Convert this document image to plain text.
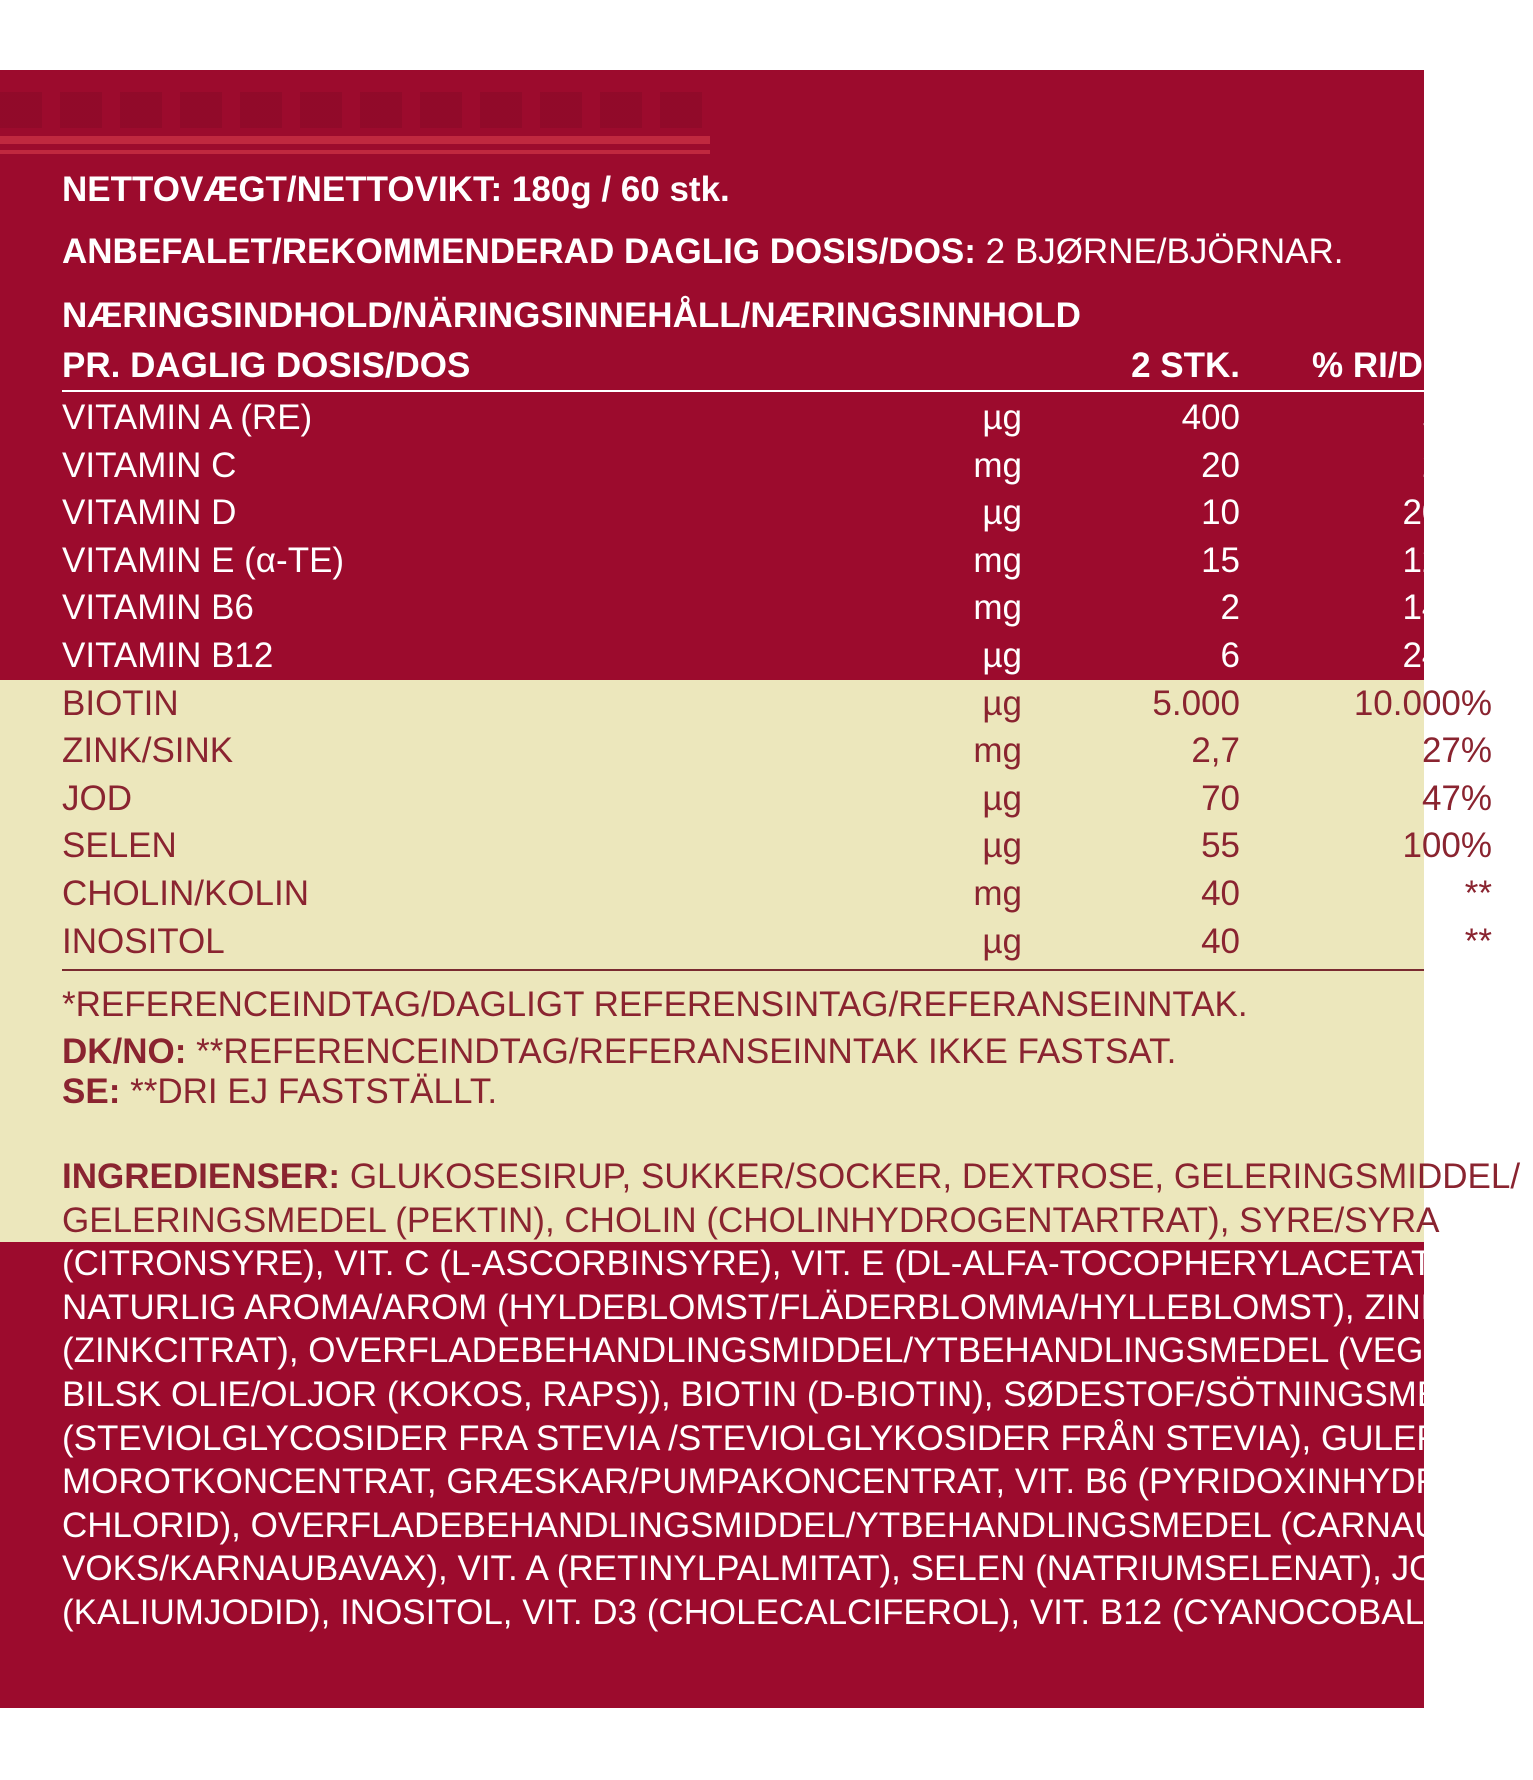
NETTOVÆGT/NETTOVIKT: 180g / 60 stk.
ANBEFALET/REKOMMENDERAD DAGLIG DOSIS/DOS: 2 BJØRNE/BJÖRNAR.
NÆRINGSINDHOLD/NÄRINGSINNEHÅLL/NÆRINGSINNHOLD
PR. DAGLIG DOSIS/DOS	2 STK. % RI/DRI
VITAMIN A (RE)	µg	400	50%
VITAMIN C	mg	20	25%
VITAMIN D	µg	10	200%
VITAMIN E (α-TE)	mg	15	125%
VITAMIN B6	mg	2	143%
VITAMIN B12	µg	6	240%
BIOTIN	µg	5.000	10.000%
ZINK/SINK	mg	2,7	27%
JOD	µg	70	47%
SELEN	µg	55	100%
CHOLIN/KOLIN	mg	40	**
INOSITOL	µg	40	**
*REFERENCEINDTAG/DAGLIGT REFERENSINTAG/REFERANSEINNTAK.
DK/NO: **REFERENCEINDTAG/REFERANSEINNTAK IKKE FASTSAT.
SE: **DRI EJ FASTSTÄLLT.
INGREDIENSER: GLUKOSESIRUP, SUKKER/SOCKER, DEXTROSE, GELERINGSMIDDEL/
GELERINGSMEDEL (PEKTIN), CHOLIN (CHOLINHYDROGENTARTRAT), SYRE/SYRA
(CITRONSYRE), VIT. C (L-ASCORBINSYRE), VIT. E (DL-ALFA-TOCOPHERYLACETAT),
NATURLIG AROMA/AROM (HYLDEBLOMST/FLÄDERBLOMMA/HYLLEBLOMST), ZINK
(ZINKCITRAT), OVERFLADEBEHANDLINGSMIDDEL/YTBEHANDLINGSMEDEL (VEGETA-
BILSK OLIE/OLJOR (KOKOS, RAPS)), BIOTIN (D-BIOTIN), SØDESTOF/SÖTNINGSMEDEL
(STEVIOLGLYCOSIDER FRA STEVIA /STEVIOLGLYKOSIDER FRÅN STEVIA), GULEROD/
MOROTKONCENTRAT, GRÆSKAR/PUMPAKONCENTRAT, VIT. B6 (PYRIDOXINHYDRO-
CHLORID), OVERFLADEBEHANDLINGSMIDDEL/YTBEHANDLINGSMEDEL (CARNAUBA-
VOKS/KARNAUBAVAX), VIT. A (RETINYLPALMITAT), SELEN (NATRIUMSELENAT), JOD
(KALIUMJODID), INOSITOL, VIT. D3 (CHOLECALCIFEROL), VIT. B12 (CYANOCOBALAMIN).
